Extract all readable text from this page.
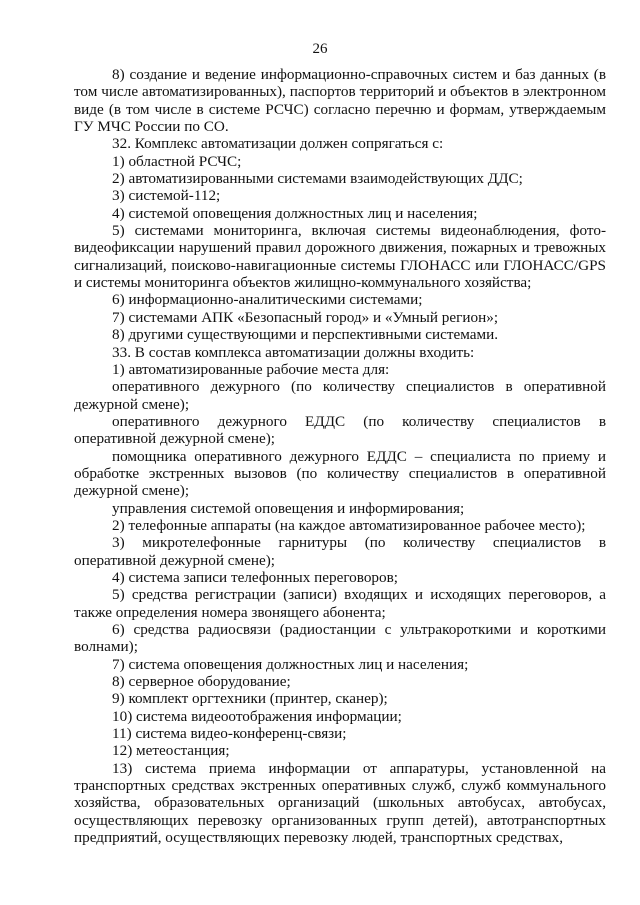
26

8) создание и ведение информационно-справочных систем и баз данных (в том числе автоматизированных), паспортов территорий и объектов в электронном виде (в том числе в системе РСЧС) согласно перечню и формам, утверждаемым ГУ МЧС России по СО.

32. Комплекс автоматизации должен сопрягаться с:

1) областной РСЧС;

2) автоматизированными системами взаимодействующих ДДС;

3) системой-112;

4) системой оповещения должностных лиц и населения;

5) системами мониторинга, включая системы видеонаблюдения, фото-видеофиксации нарушений правил дорожного движения, пожарных и тревожных сигнализаций, поисково-навигационные системы ГЛОНАСС или ГЛОНАСС/GPS и системы мониторинга объектов жилищно-коммунального хозяйства;

6) информационно-аналитическими системами;

7) системами АПК «Безопасный город» и «Умный регион»;

8) другими существующими и перспективными системами.

33. В состав комплекса автоматизации должны входить:

1) автоматизированные рабочие места для:

оперативного дежурного (по количеству специалистов в оперативной дежурной смене);

оперативного дежурного ЕДДС (по количеству специалистов в оперативной дежурной смене);

помощника оперативного дежурного ЕДДС – специалиста по приему и обработке экстренных вызовов (по количеству специалистов в оперативной дежурной смене);

управления системой оповещения и информирования;

2) телефонные аппараты (на каждое автоматизированное рабочее место);

3) микротелефонные гарнитуры (по количеству специалистов в оперативной дежурной смене);

4) система записи телефонных переговоров;

5) средства регистрации (записи) входящих и исходящих переговоров, а также определения номера звонящего абонента;

6) средства радиосвязи (радиостанции с ультракороткими и короткими волнами);

7) система оповещения должностных лиц и населения;

8) серверное оборудование;

9) комплект оргтехники (принтер, сканер);

10) система видеоотображения информации;

11) система видео-конференц-связи;

12) метеостанция;

13) система приема информации от аппаратуры, установленной на транспортных средствах экстренных оперативных служб, служб коммунального хозяйства, образовательных организаций (школьных автобусах, автобусах, осуществляющих перевозку организованных групп детей), автотранспортных предприятий, осуществляющих перевозку людей, транспортных средствах,
